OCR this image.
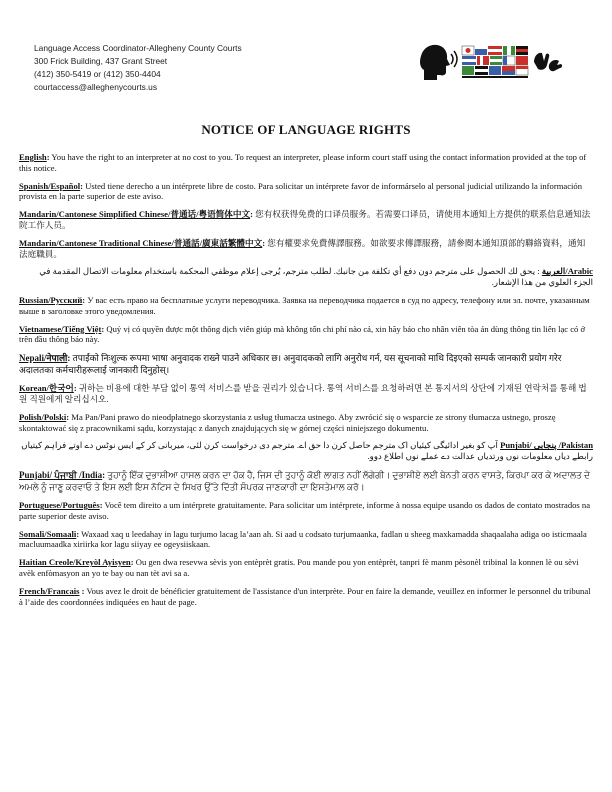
Language Access Coordinator-Allegheny County Courts
300 Frick Building, 437 Grant Street
(412) 350-5419 or (412) 350-4404
courtaccess@alleghenycourts.us
NOTICE OF LANGUAGE RIGHTS

English: You have the right to an interpreter at no cost to you. To request an interpreter, please inform court staff using the contact information provided at the top of this notice.

Spanish/Español: Usted tiene derecho a un intérprete libre de costo. Para solicitar un intérprete favor de informárselo al personal judicial utilizando la información provista en la parte superior de este aviso.

Mandarin/Cantonese Simplified Chinese/普通话/粤语简体中文: 您有权获得免费的口译员服务。若需要口译员，请使用本通知上方提供的联系信息通知法院工作人员。

Mandarin/Cantonese Traditional Chinese/普通話/廣東話繁體中文: 您有權要求免費傳譯服務。如欲要求傳譯服務，請參閱本通知頂部的聯絡資料，通知法庭職員。

Arabic/العربية : يحق لك الحصول على مترجم دون دفع أي تكلفة من جانبك. لطلب مترجم، يُرجى إعلام موظفي المحكمة باستخدام معلومات الاتصال المقدمة في الجزء العلوي من هذا الإشعار.

Russian/Русский: У вас есть право на бесплатные услуги переводчика. Заявка на переводчика подается в суд по адресу, телефону или эл. почте, указанным выше в заголовке этого уведомления.

Vietnamese/Tiếng Việt: Quý vị có quyền được một thông dịch viên giúp mà không tốn chi phí nào cả, xin hãy báo cho nhân viên tòa án dùng thông tin liên lạc có ở trên đầu thông báo này.

Nepali/नेपाली: तपाईंको निःशुल्क रूपमा भाषा अनुवादक राख्ने पाउने अधिकार छ। अनुवादकको लागि अनुरोध गर्न, यस सूचनाको माथि दिइएको सम्पर्क जानकारी प्रयोग गरेर अदालतका कर्मचारीहरूलाई जानकारी दिनुहोस्।

Korean/한국어: 귀하는 비용에 대한 부담 없이 통역 서비스를 받을 권리가 있습니다. 통역 서비스를 요청하려면 본 통지서의 상단에 기재된 연락처를 통해 법원 직원에게 알리십시오.

Polish/Polski: Ma Pan/Pani prawo do nieodpłatnego skorzystania z usług tłumacza ustnego. Aby zwrócić się o wsparcie ze strony tłumacza ustnego, proszę skontaktować się z pracownikami sądu, korzystając z danych znajdujących się w górnej części niniejszego dokumentu.

Pakistan/ پنجابی /Punjabi آپ کو بغیر ادائیگی کیئیاں اک مترجم حاصل کرن دا حق اے. مترجم دی درخواست کرن لئی، میربانی کر کے ایس نوٹس دے اوتے فراہم کیتیاں رابطے دیاں معلومات نوں ورتدیاں عدالت دے عملے نوں اطلاع دوو.

Punjabi/ ਪੰਜਾਬੀ /India: ਤੁਹਾਨੂੰ ਇੱਕ ਦੁਭਾਸ਼ੀਆ ਹਾਸਲ ਕਰਨ ਦਾ ਹੱਕ ਹੈ, ਜਿਸ ਦੀ ਤੁਹਾਨੂੰ ਕੋਈ ਲਾਗਤ ਨਹੀਂ ਲੱਗੇਗੀ। ਦੁਭਾਸ਼ੀਏ ਲਈ ਬੇਨਤੀ ਕਰਨ ਵਾਸਤੇ, ਕਿਰਪਾ ਕਰ ਕੇ ਅਦਾਲਤ ਦੇ ਅਮਲੇ ਨੂੰ ਜਾਣੂ ਕਰਵਾਓ ਤੇ ਇਸ ਲਈ ਇਸ ਨੋਟਿਸ ਦੇ ਸਿਖਰ ਉੱਤੇ ਦਿੱਤੀ ਸੰਪਰਕ ਜਾਣਕਾਰੀ ਦਾ ਇਸਤੇਮਾਲ ਕਰੋ।

Portuguese/Português: Você tem direito a um intérprete gratuitamente. Para solicitar um intérprete, informe à nossa equipe usando os dados de contato mostrados na parte superior deste aviso.

Somali/Somaali: Waxaad xaq u leedahay in lagu turjumo lacag la’aan ah. Si aad u codsato turjumaanka, fadlan u sheeg maxkamadda shaqaalaha adiga oo isticmaala macluumaadka xiriirka kor lagu siiyay ee ogeysiiskaan.

Haitian Creole/Kreyòl Ayisyen: Ou gen dwa resevwa sèvis yon entèprèt gratis. Pou mande pou yon entèprèt, tanpri fè manm pèsonèl tribinal la konnen lè ou sèvi avèk enfòmasyon an yo te bay ou nan tèt avi sa a.

French/Francais : Vous avez le droit de bénéficier gratuitement de l'assistance d'un interprète. Pour en faire la demande, veuillez en informer le personnel du tribunal à l’aide des coordonnées indiquées en haut de page.
